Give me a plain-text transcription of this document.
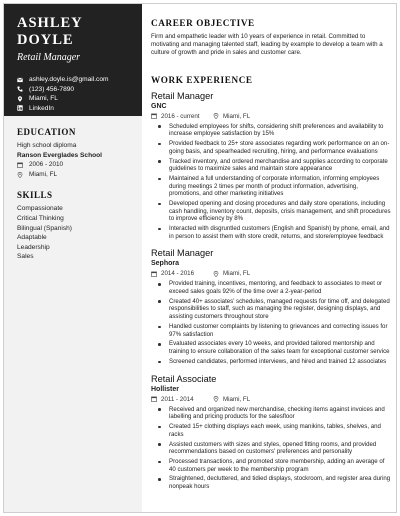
ASHLEY DOYLE
Retail Manager
ashley.doyle.is@gmail.com
(123) 456-7890
Miami, FL
LinkedIn
EDUCATION
High school diploma
Ranson Everglades School
2006 - 2010
Miami, FL
SKILLS
Compassionate
Critical Thinking
Bilingual (Spanish)
Adaptable
Leadership
Sales
CAREER OBJECTIVE

Firm and empathetic leader with 10 years of experience in retail. Committed to motivating and managing talented staff, leading by example to develop a team with a culture of growth and pride in sales and customer care.

WORK EXPERIENCE
Retail Manager
GNC
2016 - current	Miami, FL
Scheduled employees for shifts, considering shift preferences and availability to increase employee satisfaction by 15%
Provided feedback to 25+ store associates regarding work performance on an on-going basis, and spearheaded recruiting, hiring, and performance evaluations
Tracked inventory, and ordered merchandise and supplies according to corporate guidelines to maximize sales and maintain store appearance
Maintained a full understanding of corporate information, informing employees during meetings 2 times per month of product information, advertising, promotions, and other marketing initiatives
Developed opening and closing procedures and daily store operations, including cash handling, inventory count, deposits, crisis management, and shift procedures to improve efficiency by 8%
Interacted with disgruntled customers (English and Spanish) by phone, email, and in person to assist them with store credit, returns, and store/employee feedback
Retail Manager
Sephora
2014 - 2016	Miami, FL
Provided training, incentives, mentoring, and feedback to associates to meet or exceed sales goals 92% of the time over a 2-year-period
Created 40+ associates' schedules, managed requests for time off, and delegated responsibilities to staff, such as managing the register, designing displays, and assisting customers throughout store
Handled customer complaints by listening to grievances and correcting issues for 97% satisfaction
Evaluated associates every 10 weeks, and provided tailored mentorship and training to ensure collaboration of the sales team for exceptional customer service
Screened candidates, performed interviews, and hired and trained 12 associates
Retail Associate
Hollister
2011 - 2014	Miami, FL
Received and organized new merchandise, checking items against invoices and labelling and pricing products for the salesfloor
Created 15+ clothing displays each week, using manikins, tables, shelves, and racks
Assisted customers with sizes and styles, opened fitting rooms, and provided recommendations based on customers' preferences and personality
Processed transactions, and promoted store membership, adding an average of 40 customers per week to the membership program
Straightened, decluttered, and tidied displays, stockroom, and register area during nonpeak hours
